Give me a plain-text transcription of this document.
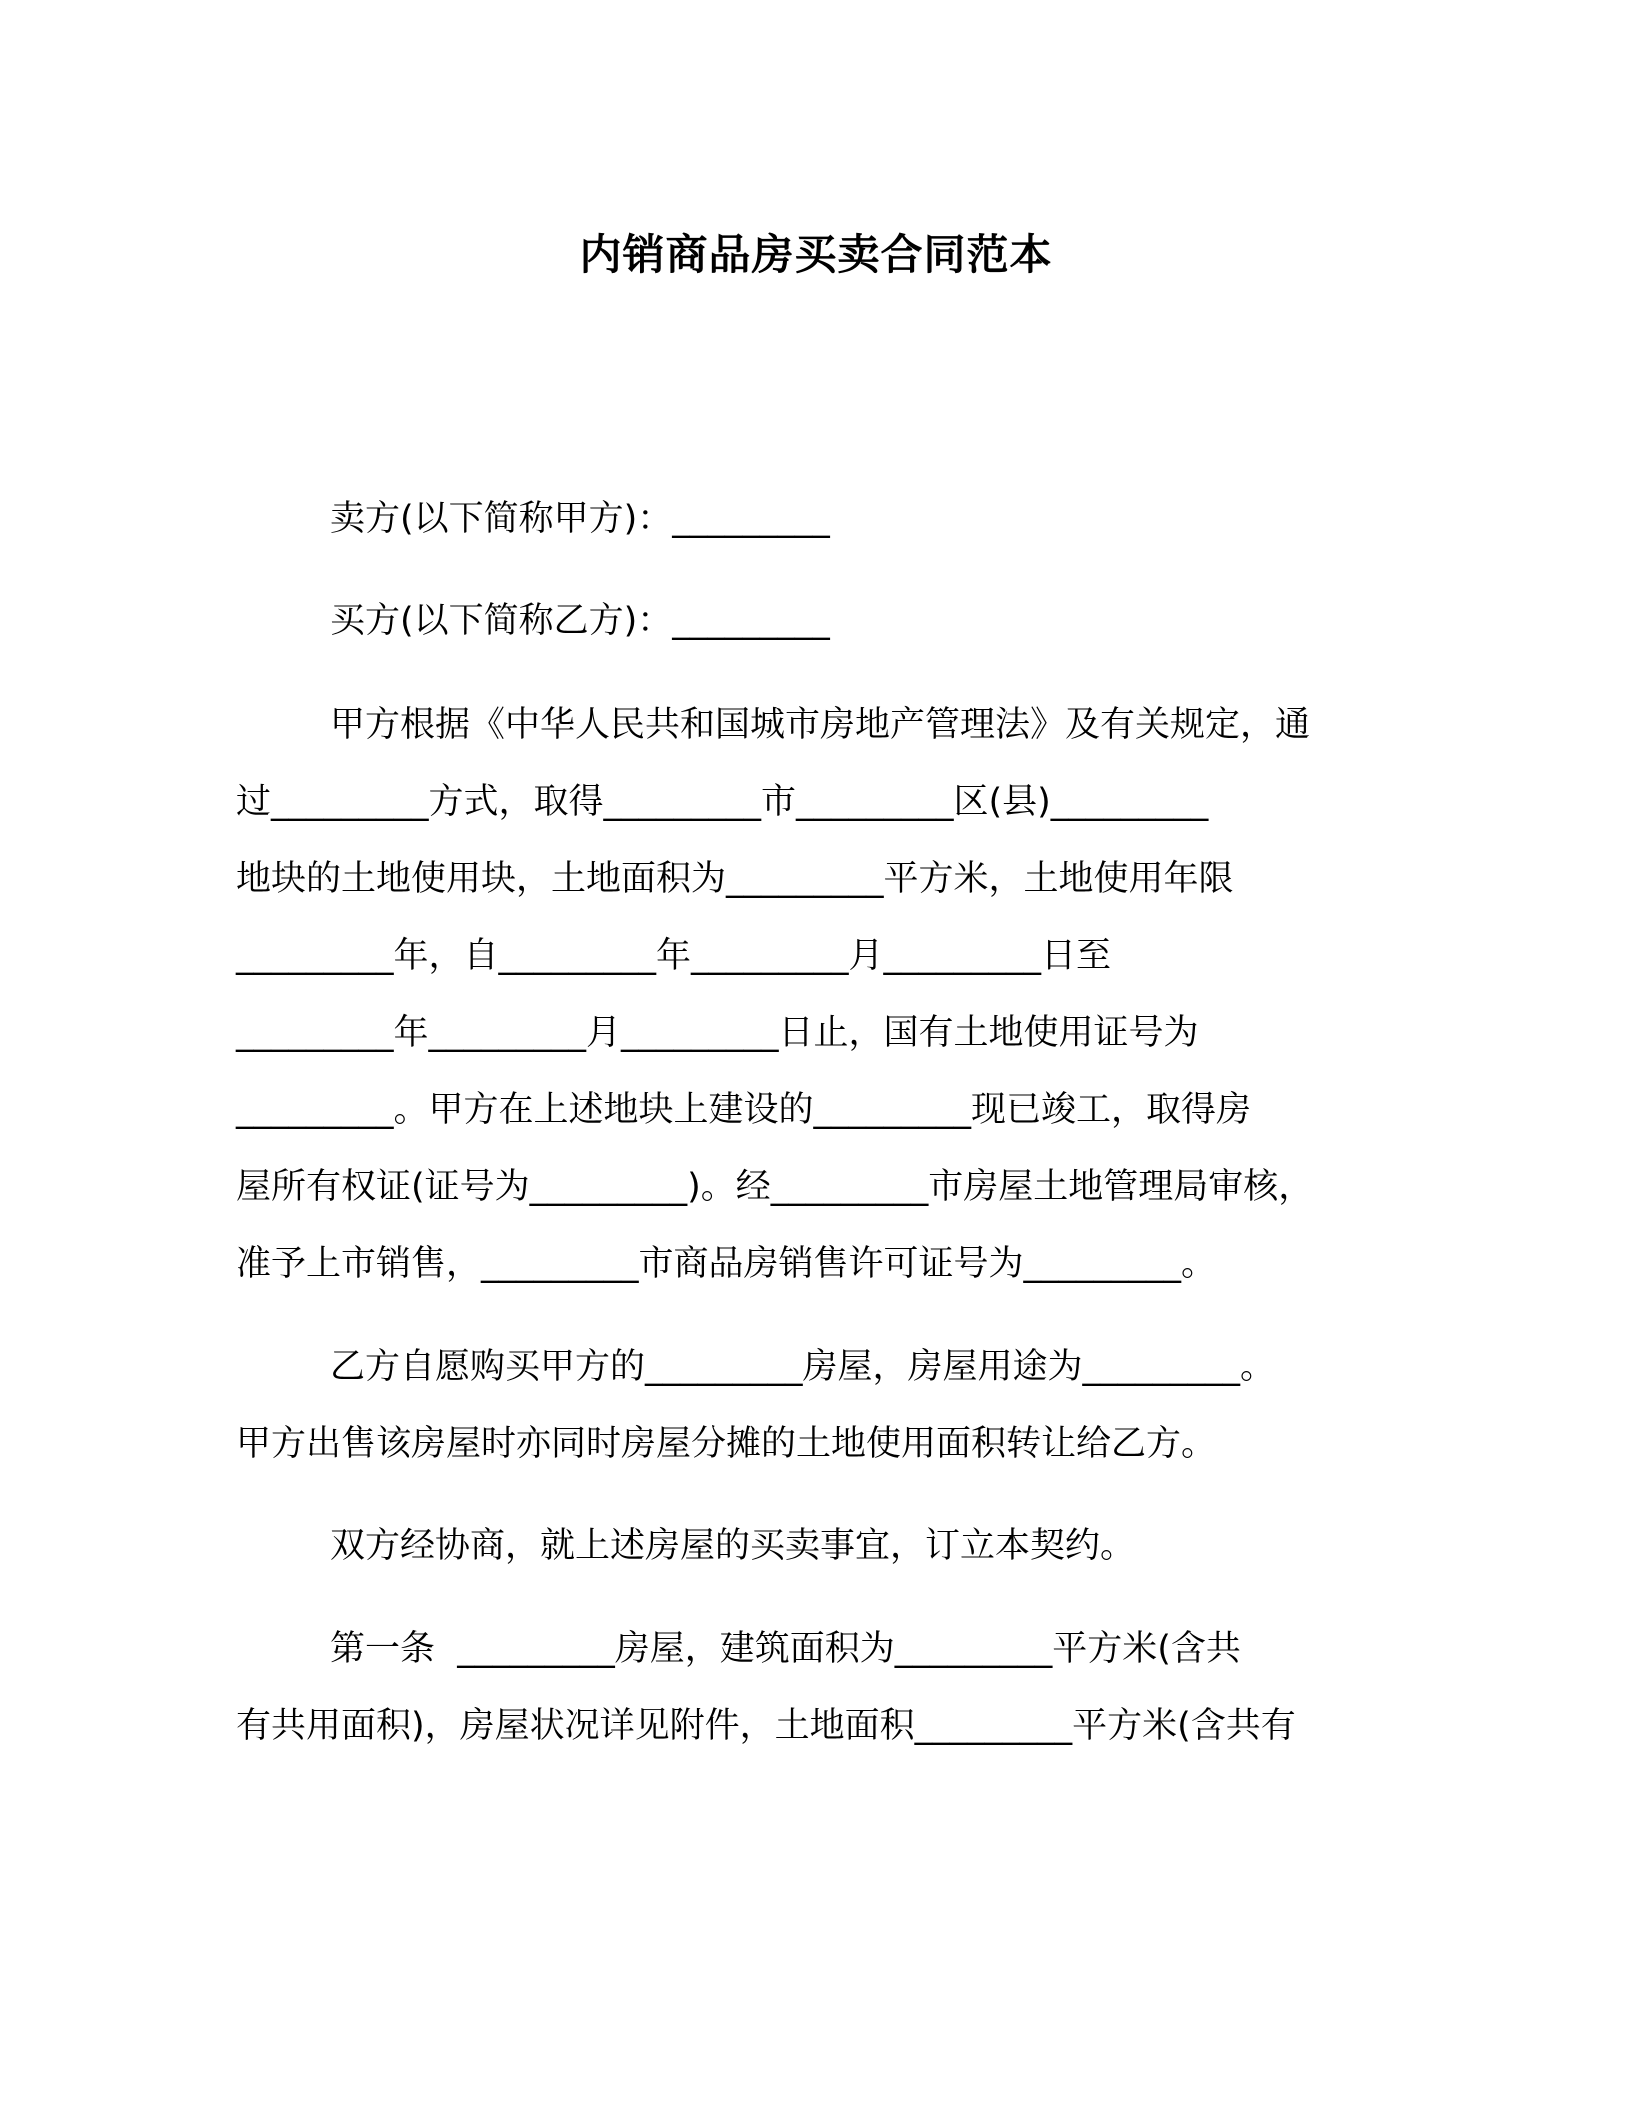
内销商品房买卖合同范本

卖方(以下简称甲方)：_________

买方(以下简称乙方)：_________

甲方根据《中华人民共和国城市房地产管理法》及有关规定，通

过_________方式，取得_________市_________区(县)_________

地块的土地使用块，土地面积为_________平方米，土地使用年限

_________年，自_________年_________月_________日至

_________年_________月_________日止，国有土地使用证号为

_________。甲方在上述地块上建设的_________现已竣工，取得房

屋所有权证(证号为_________)。经_________市房屋土地管理局审核，

准予上市销售，_________市商品房销售许可证号为_________。

乙方自愿购买甲方的_________房屋，房屋用途为_________。

甲方出售该房屋时亦同时房屋分摊的土地使用面积转让给乙方。

双方经协商，就上述房屋的买卖事宜，订立本契约。

第一条  _________房屋，建筑面积为_________平方米(含共

有共用面积)，房屋状况详见附件，土地面积_________平方米(含共有
